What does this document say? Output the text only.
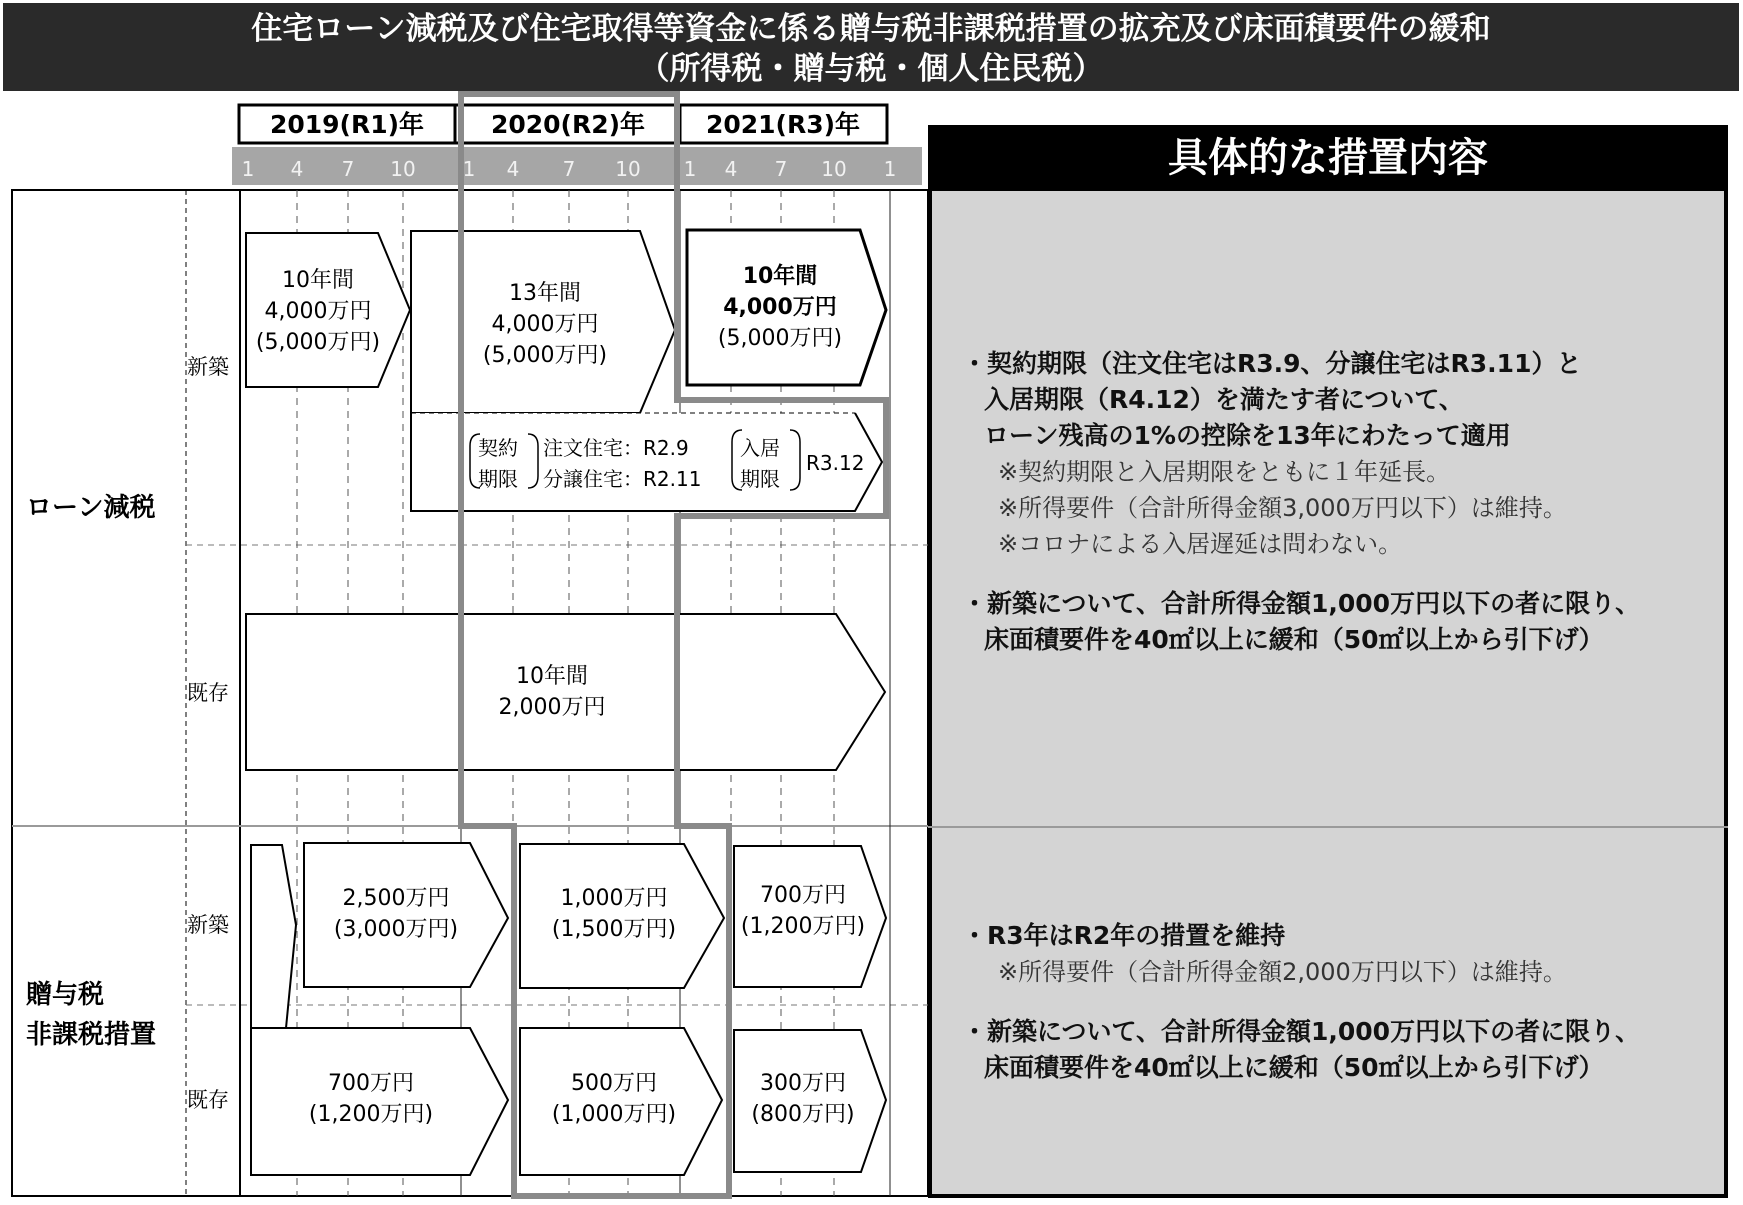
住宅ローン減税及び住宅取得等資金に係る贈与税非課税措置の拡充及び床面積要件の緩和
（所得税・贈与税・個人住民税）
2019(R1)年	2020(R2)年 2021(R3)年
1 4 7 10 1 4 7 10 1 4 7 10 1
ローン減税
新築
既存
贈与税
非課税措置
新築
既存
10年間
4,000万円
(5,000万円)
13年間
4,000万円
(5,000万円)
10年間
4,000万円
(5,000万円)
契約
期限
注文住宅：R2.9
分譲住宅：R2.11
入居
期限
R3.12
10年間
2,000万円
2,500万円
(3,000万円)
1,000万円
(1,500万円)
700万円
(1,200万円)
700万円
(1,200万円)
500万円
(1,000万円)
300万円
(800万円)
具体的な措置内容
・契約期限（注文住宅はR3.9、分譲住宅はR3.11）と
入居期限（R4.12）を満たす者について、
ローン残高の1%の控除を13年にわたって適用
※契約期限と入居期限をともに１年延長。
※所得要件（合計所得金額3,000万円以下）は維持。
※コロナによる入居遅延は問わない。
・新築について、合計所得金額1,000万円以下の者に限り、
床面積要件を40㎡以上に緩和（50㎡以上から引下げ）
・R3年はR2年の措置を維持
※所得要件（合計所得金額2,000万円以下）は維持。
・新築について、合計所得金額1,000万円以下の者に限り、
床面積要件を40㎡以上に緩和（50㎡以上から引下げ）
